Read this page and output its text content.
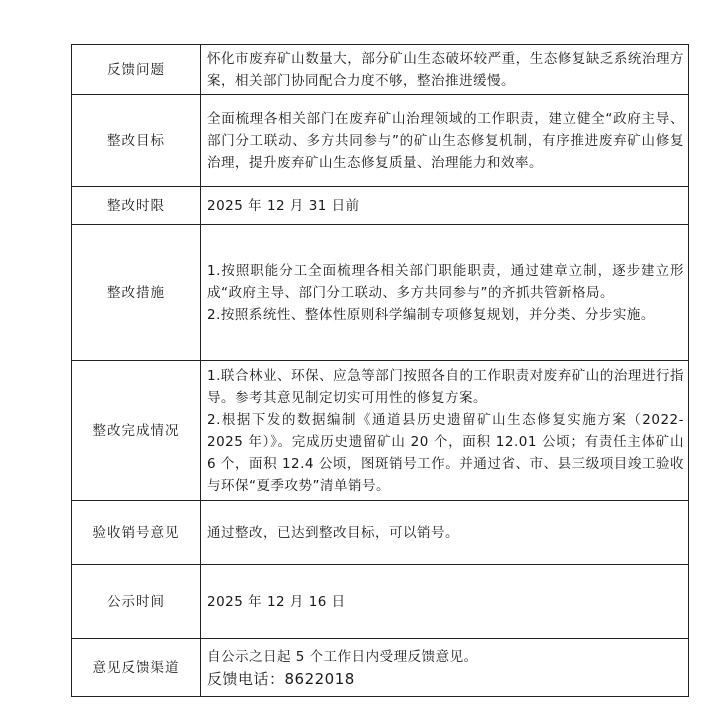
反馈问题	怀化市废弃矿山数量大，部分矿山生态破坏较严重，生态修复缺乏系统治理方案，相关部门协同配合力度不够，整治推进缓慢。
整改目标	全面梳理各相关部门在废弃矿山治理领域的工作职责，建立健全“政府主导、部门分工联动、多方共同参与”的矿山生态修复机制，有序推进废弃矿山修复治理，提升废弃矿山生态修复质量、治理能力和效率。
整改时限	2025 年 12 月 31 日前
整改措施	1.按照职能分工全面梳理各相关部门职能职责，通过建章立制，逐步建立形成“政府主导、部门分工联动、多方共同参与”的齐抓共管新格局。
2.按照系统性、整体性原则科学编制专项修复规划，并分类、分步实施。

整改完成情况	1.联合林业、环保、应急等部门按照各自的工作职责对废弃矿山的治理进行指导。参考其意见制定切实可用性的修复方案。
2.根据下发的数据编制《通道县历史遗留矿山生态修复实施方案（2022-2025 年）》。完成历史遗留矿山 20 个，面积 12.01 公顷；有责任主体矿山 6 个，面积 12.4 公顷，图斑销号工作。并通过省、市、县三级项目竣工验收与环保“夏季攻势”清单销号。

验收销号意见	通过整改，已达到整改目标，可以销号。
公示时间	2025 年 12 月 16 日
意见反馈渠道	自公示之日起 5 个工作日内受理反馈意见。
反馈电话：8622018
